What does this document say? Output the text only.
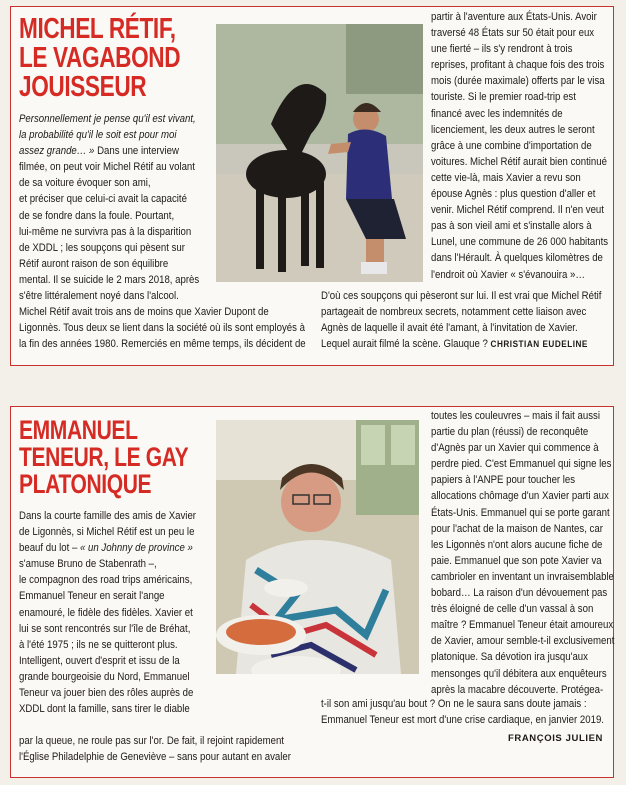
MICHEL RÉTIF,
LE VAGABOND
JOUISSEUR
Personnellement je pense qu'il est vivant,
la probabilité qu'il le soit est pour moi
assez grande… » Dans une interview
filmée, on peut voir Michel Rétif au volant
de sa voiture évoquer son ami,
et préciser que celui-ci avait la capacité
de se fondre dans la foule. Pourtant,
lui-même ne survivra pas à la disparition
de XDDL ; les soupçons qui pèsent sur
Rétif auront raison de son équilibre
mental. Il se suicide le 2 mars 2018, après
s'être littéralement noyé dans l'alcool.
Michel Rétif avait trois ans de moins que Xavier Dupont de
Ligonnès. Tous deux se lient dans la société où ils sont employés à
la fin des années 1980. Remerciés en même temps, ils décident de
partir à l'aventure aux États-Unis. Avoir
traversé 48 États sur 50 était pour eux
une fierté – ils s'y rendront à trois
reprises, profitant à chaque fois des trois
mois (durée maximale) offerts par le visa
touriste. Si le premier road-trip est
financé avec les indemnités de
licenciement, les deux autres le seront
grâce à une combine d'importation de
voitures. Michel Rétif aurait bien continué
cette vie-là, mais Xavier a revu son
épouse Agnès : plus question d'aller et
venir. Michel Rétif comprend. Il n'en veut
pas à son vieil ami et s'installe alors à
Lunel, une commune de 26 000 habitants
dans l'Hérault. À quelques kilomètres de
l'endroit où Xavier « s'évanouira »…
D'où ces soupçons qui pèseront sur lui. Il est vrai que Michel Rétif
partageait de nombreux secrets, notamment cette liaison avec
Agnès de laquelle il avait été l'amant, à l'invitation de Xavier.
Lequel aurait filmé la scène. Glauque ? CHRISTIAN EUDELINE
EMMANUEL
TENEUR, LE GAY
PLATONIQUE
Dans la courte famille des amis de Xavier
de Ligonnès, si Michel Rétif est un peu le
beauf du lot – « un Johnny de province »
s'amuse Bruno de Stabenrath –,
le compagnon des road trips américains,
Emmanuel Teneur en serait l'ange
enamouré, le fidèle des fidèles. Xavier et
lui se sont rencontrés sur l'île de Bréhat,
à l'été 1975 ; ils ne se quitteront plus.
Intelligent, ouvert d'esprit et issu de la
grande bourgeoisie du Nord, Emmanuel
Teneur va jouer bien des rôles auprès de
XDDL dont la famille, sans tirer le diable
par la queue, ne roule pas sur l'or. De fait, il rejoint rapidement
l'Église Philadelphie de Geneviève – sans pour autant en avaler
toutes les couleuvres – mais il fait aussi
partie du plan (réussi) de reconquête
d'Agnès par un Xavier qui commence à
perdre pied. C'est Emmanuel qui signe les
papiers à l'ANPE pour toucher les
allocations chômage d'un Xavier parti aux
États-Unis. Emmanuel qui se porte garant
pour l'achat de la maison de Nantes, car
les Ligonnès n'ont alors aucune fiche de
paie. Emmanuel que son pote Xavier va
cambrioler en inventant un invraisemblable
bobard… La raison d'un dévouement pas
très éloigné de celle d'un vassal à son
maître ? Emmanuel Teneur était amoureux
de Xavier, amour semble-t-il exclusivement
platonique. Sa dévotion ira jusqu'aux
mensonges qu'il débitera aux enquêteurs
après la macabre découverte. Protégea-
t-il son ami jusqu'au bout ? On ne le saura sans doute jamais :
Emmanuel Teneur est mort d'une crise cardiaque, en janvier 2019.
FRANÇOIS JULIEN
